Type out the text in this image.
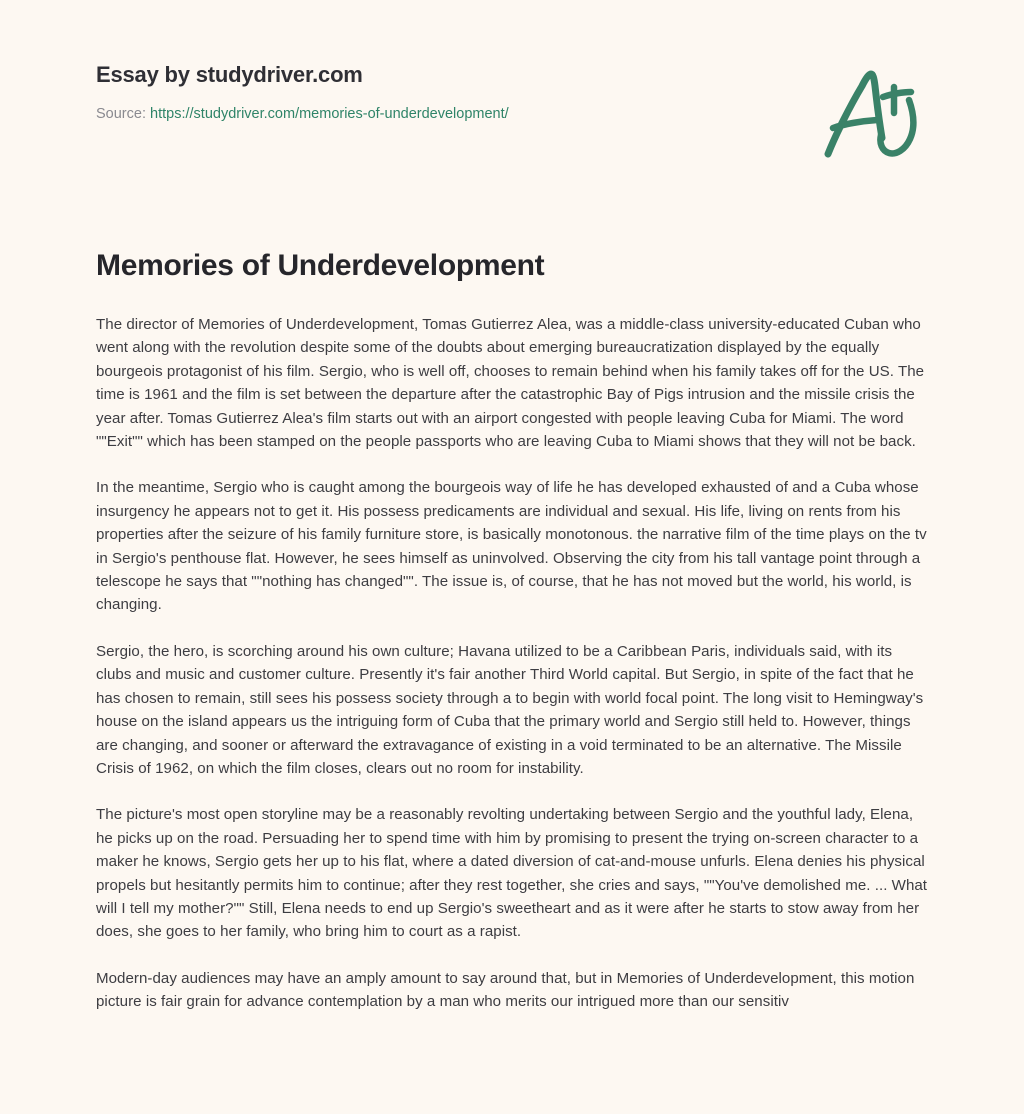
Essay by studydriver.com

Source: https://studydriver.com/memories-of-underdevelopment/

Memories of Underdevelopment

The director of Memories of Underdevelopment, Tomas Gutierrez Alea, was a middle-class university-educated Cuban who went along with the revolution despite some of the doubts about emerging bureaucratization displayed by the equally bourgeois protagonist of his film. Sergio, who is well off, chooses to remain behind when his family takes off for the US. The time is 1961 and the film is set between the departure after the catastrophic Bay of Pigs intrusion and the missile crisis the year after. Tomas Gutierrez Alea's film starts out with an airport congested with people leaving Cuba for Miami. The word ""Exit"" which has been stamped on the people passports who are leaving Cuba to Miami shows that they will not be back.

In the meantime, Sergio who is caught among the bourgeois way of life he has developed exhausted of and a Cuba whose insurgency he appears not to get it. His possess predicaments are individual and sexual. His life, living on rents from his properties after the seizure of his family furniture store, is basically monotonous. the narrative film of the time plays on the tv in Sergio's penthouse flat. However, he sees himself as uninvolved. Observing the city from his tall vantage point through a telescope he says that ""nothing has changed"". The issue is, of course, that he has not moved but the world, his world, is changing.

Sergio, the hero, is scorching around his own culture; Havana utilized to be a Caribbean Paris, individuals said, with its clubs and music and customer culture. Presently it's fair another Third World capital. But Sergio, in spite of the fact that he has chosen to remain, still sees his possess society through a to begin with world focal point. The long visit to Hemingway's house on the island appears us the intriguing form of Cuba that the primary world and Sergio still held to. However, things are changing, and sooner or afterward the extravagance of existing in a void terminated to be an alternative. The Missile Crisis of 1962, on which the film closes, clears out no room for instability.

The picture's most open storyline may be a reasonably revolting undertaking between Sergio and the youthful lady, Elena, he picks up on the road. Persuading her to spend time with him by promising to present the trying on-screen character to a maker he knows, Sergio gets her up to his flat, where a dated diversion of cat-and-mouse unfurls. Elena denies his physical propels but hesitantly permits him to continue; after they rest together, she cries and says, ""You've demolished me. ... What will I tell my mother?"" Still, Elena needs to end up Sergio's sweetheart and as it were after he starts to stow away from her does, she goes to her family, who bring him to court as a rapist.

Modern-day audiences may have an amply amount to say around that, but in Memories of Underdevelopment, this motion picture is fair grain for advance contemplation by a man who merits our intrigued more than our sensitiv
